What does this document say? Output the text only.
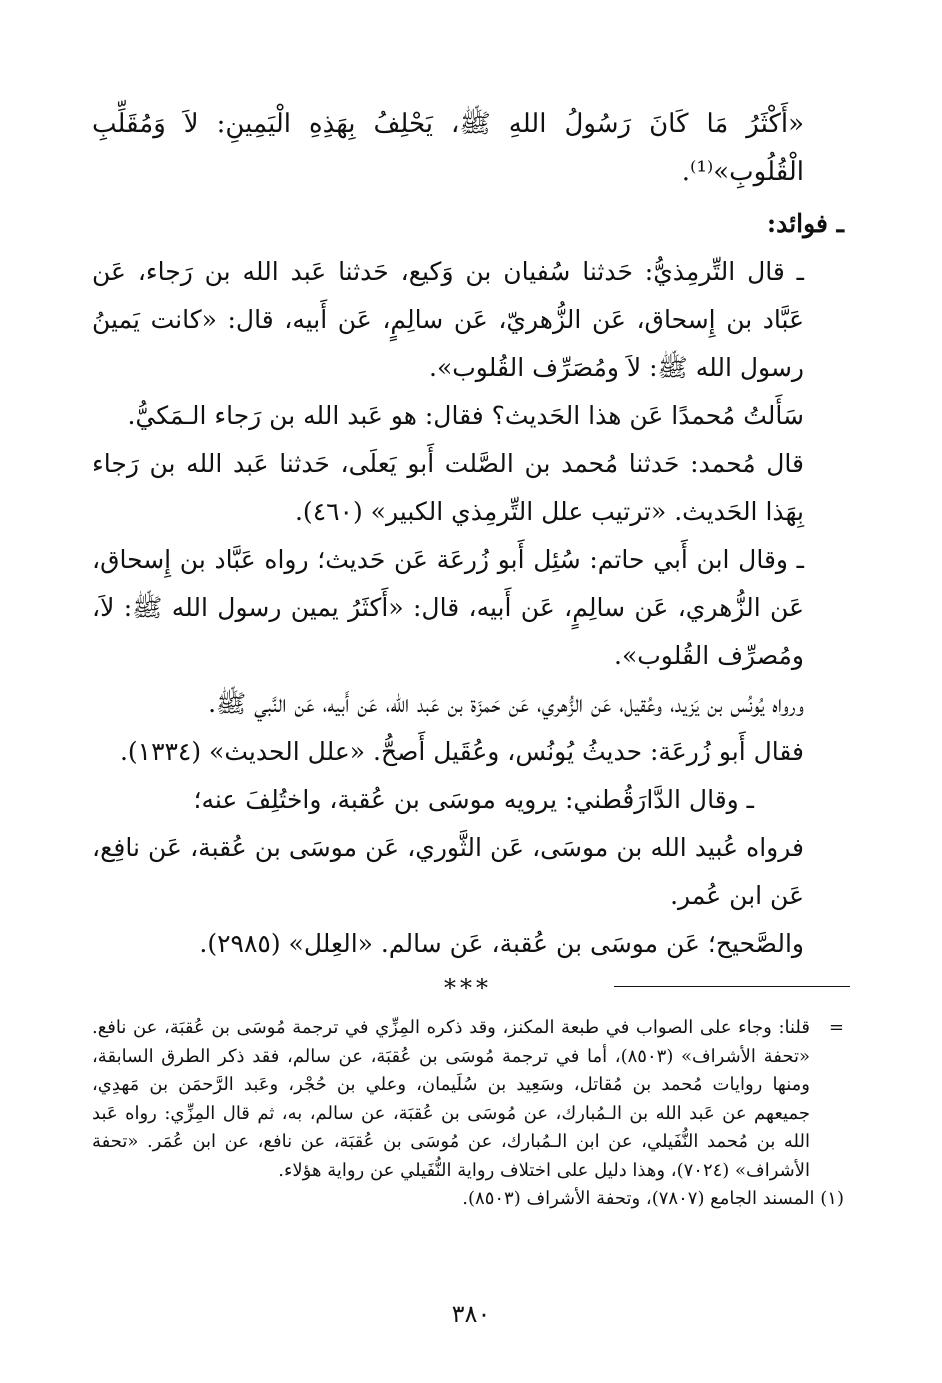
«أَكْثَرُ مَا كَانَ رَسُولُ اللهِ ﷺ، يَحْلِفُ بِهَذِهِ الْيَمِينِ: لاَ وَمُقَلِّبِ الْقُلُوبِ»⁽¹⁾.

ـ فوائد:

ـ قال التِّرمِذيُّ: حَدثنا سُفيان بن وَكيع، حَدثنا عَبد الله بن رَجاء، عَن عَبَّاد بن إِسحاق، عَن الزُّهريّ، عَن سالِمٍ، عَن أَبيه، قال: «كانت يَمينُ رسول الله ﷺ: لاَ ومُصَرِّف القُلوب».

سَأَلتُ مُحمدًا عَن هذا الحَديث؟ فقال: هو عَبد الله بن رَجاء الـمَكيُّ.

قال مُحمد: حَدثنا مُحمد بن الصَّلت أَبو يَعلَى، حَدثنا عَبد الله بن رَجاء بِهَذا الحَديث. «ترتيب علل التِّرمِذي الكبير» (٤٦٠).

ـ وقال ابن أَبي حاتم: سُئِل أَبو زُرعَة عَن حَديث؛ رواه عَبَّاد بن إِسحاق، عَن الزُّهري، عَن سالِمٍ، عَن أَبيه، قال: «أَكثَرُ يمين رسول الله ﷺ: لاَ، ومُصرِّف القُلوب».

ورواه يُونُس بن يَزيد، وعُقيل، عَن الزُّهري، عَن حَمزَة بن عَبد الله، عَن أَبيه، عَن النَّبي ﷺ.

فقال أَبو زُرعَة: حديثُ يُونُس، وعُقَيل أَصحُّ. «علل الحديث» (١٣٣٤).

ـ وقال الدَّارَقُطني: يرويه موسَى بن عُقبة، واختُلِفَ عنه؛

فرواه عُبيد الله بن موسَى، عَن الثَّوري، عَن موسَى بن عُقبة، عَن نافِع، عَن ابن عُمر.

والصَّحيح؛ عَن موسَى بن عُقبة، عَن سالم. «العِلل» (٢٩٨٥).

***

=
قلنا: وجاء على الصواب في طبعة المكنز، وقد ذكره المِزِّي في ترجمة مُوسَى بن عُقبَة، عن نافع. «تحفة الأشراف» (٨٥٠٣)، أما في ترجمة مُوسَى بن عُقبَة، عن سالم، فقد ذكر الطرق السابقة، ومنها روايات مُحمد بن مُقاتل، وسَعِيد بن سُلَيمان، وعلي بن حُجْر، وعَبد الرَّحمَن بن مَهدِي، جميعهم عن عَبد الله بن الـمُبارك، عن مُوسَى بن عُقبَة، عن سالم، به، ثم قال المِزِّي: رواه عَبد الله بن مُحمد النُّفَيلي، عن ابن الـمُبارك، عن مُوسَى بن عُقبَة، عن نافع، عن ابن عُمَر. «تحفة الأشراف» (٧٠٢٤)، وهذا دليل على اختلاف رواية النُّفَيلي عن رواية هؤلاء.

(١) المسند الجامع (٧٨٠٧)، وتحفة الأشراف (٨٥٠٣).

٣٨٠
